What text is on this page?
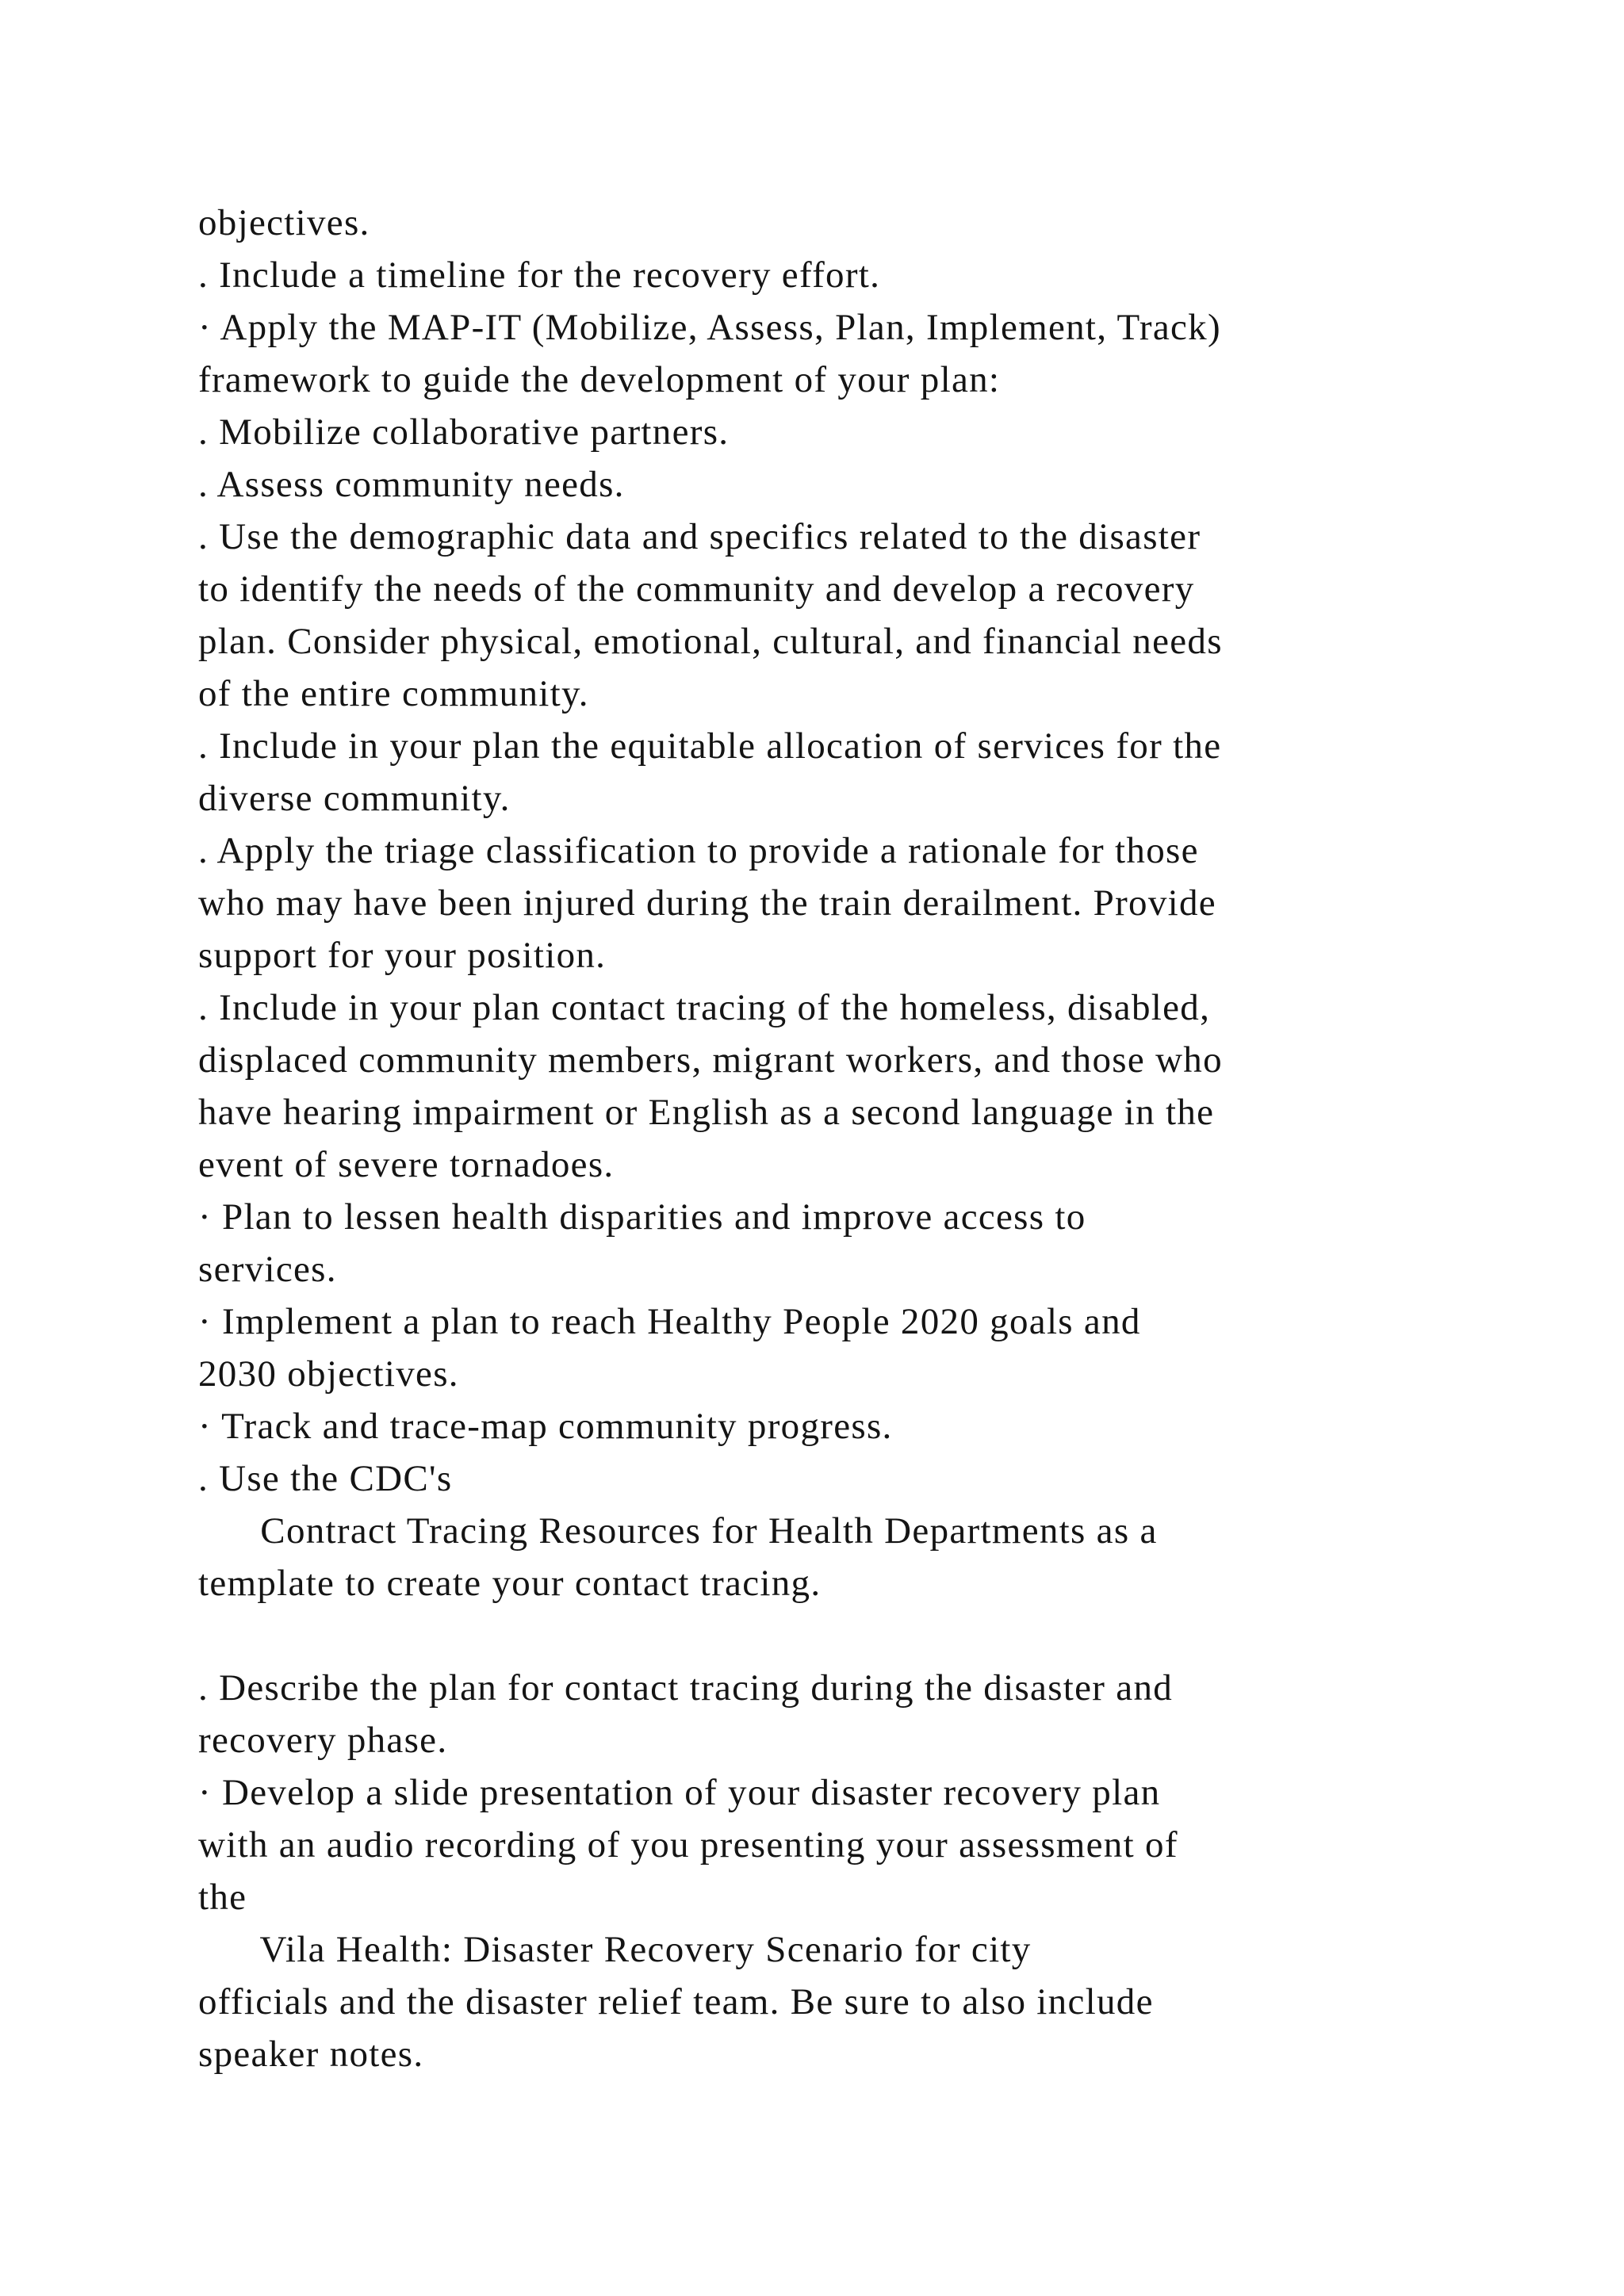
objectives.
. Include a timeline for the recovery effort.
· Apply the MAP-IT (Mobilize, Assess, Plan, Implement, Track)
framework to guide the development of your plan:
. Mobilize collaborative partners.
. Assess community needs.
. Use the demographic data and specifics related to the disaster
to identify the needs of the community and develop a recovery
plan. Consider physical, emotional, cultural, and financial needs
of the entire community.
. Include in your plan the equitable allocation of services for the
diverse community.
. Apply the triage classification to provide a rationale for those
who may have been injured during the train derailment. Provide
support for your position.
. Include in your plan contact tracing of the homeless, disabled,
displaced community members, migrant workers, and those who
have hearing impairment or English as a second language in the
event of severe tornadoes.
· Plan to lessen health disparities and improve access to
services.
· Implement a plan to reach Healthy People 2020 goals and
2030 objectives.
· Track and trace-map community progress.
. Use the CDC's
Contract Tracing Resources for Health Departments as a
template to create your contact tracing.
. Describe the plan for contact tracing during the disaster and
recovery phase.
· Develop a slide presentation of your disaster recovery plan
with an audio recording of you presenting your assessment of
the
Vila Health: Disaster Recovery Scenario for city
officials and the disaster relief team. Be sure to also include
speaker notes.
